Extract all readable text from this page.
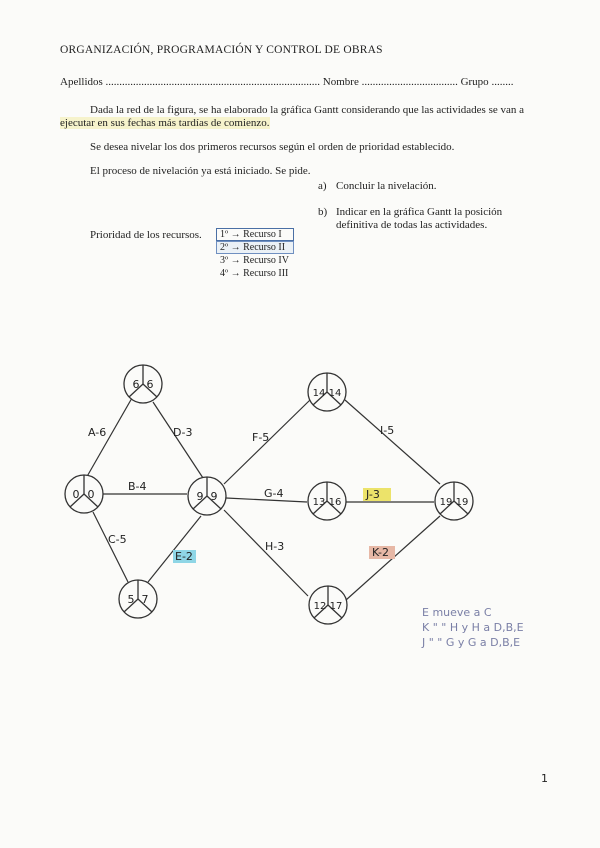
ORGANIZACIÓN, PROGRAMACIÓN Y CONTROL DE OBRAS
Apellidos .............................................................................. Nombre ................................... Grupo ........
Dada la red de la figura, se ha elaborado la gráfica Gantt considerando que las actividades se van a
ejecutar en sus fechas más tardías de comienzo.
Se desea nivelar los dos primeros recursos según el orden de prioridad establecido.
El proceso de nivelación ya está iniciado. Se pide.
a) Concluir la nivelación.
b) Indicar en la gráfica Gantt la posición
definitiva de todas las actividades.
Prioridad de los recursos. 1º → Recurso I
2º → Recurso II
3º → Recurso IV
4º → Recurso III
0 0
6 6
5 7
9 9
14 14
13 16
12 17
19 19
A-6	D-3
B-4
C-5
E-2
F-5
G-4
H-3
I-5
J-3
K-2
E mueve a C
K " " H y H a D,B,E
J " " G y G a D,B,E
1
